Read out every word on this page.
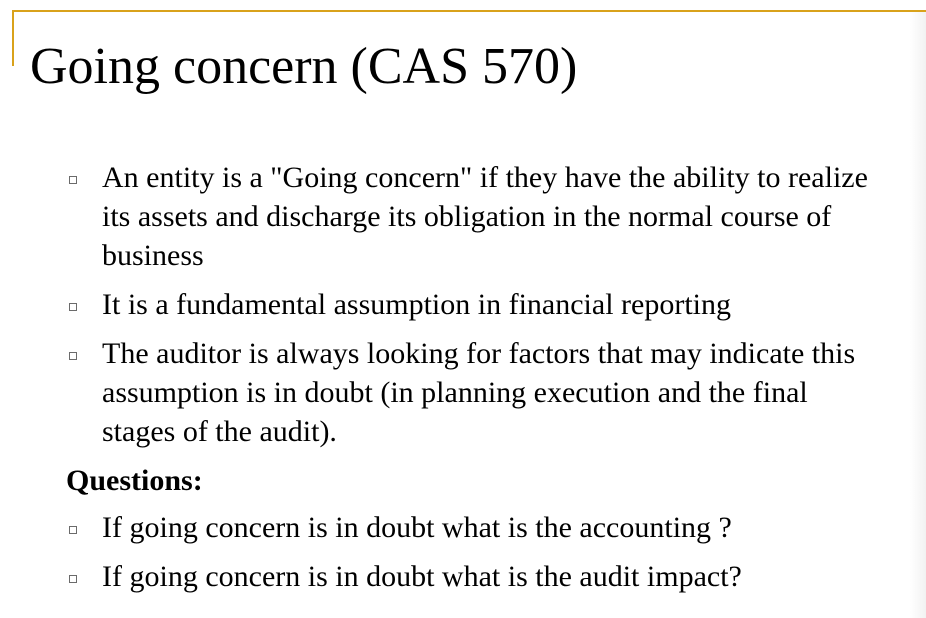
Going concern (CAS 570)
An entity is a "Going concern" if they have the ability to realize its assets and discharge its obligation in the normal course of business
It is a fundamental assumption in financial reporting
The auditor is always looking for factors that may indicate this assumption is in doubt (in planning execution and the final stages of the audit).
Questions:
If going concern is in doubt what is the accounting ?
If going concern is in doubt what is the audit impact?
